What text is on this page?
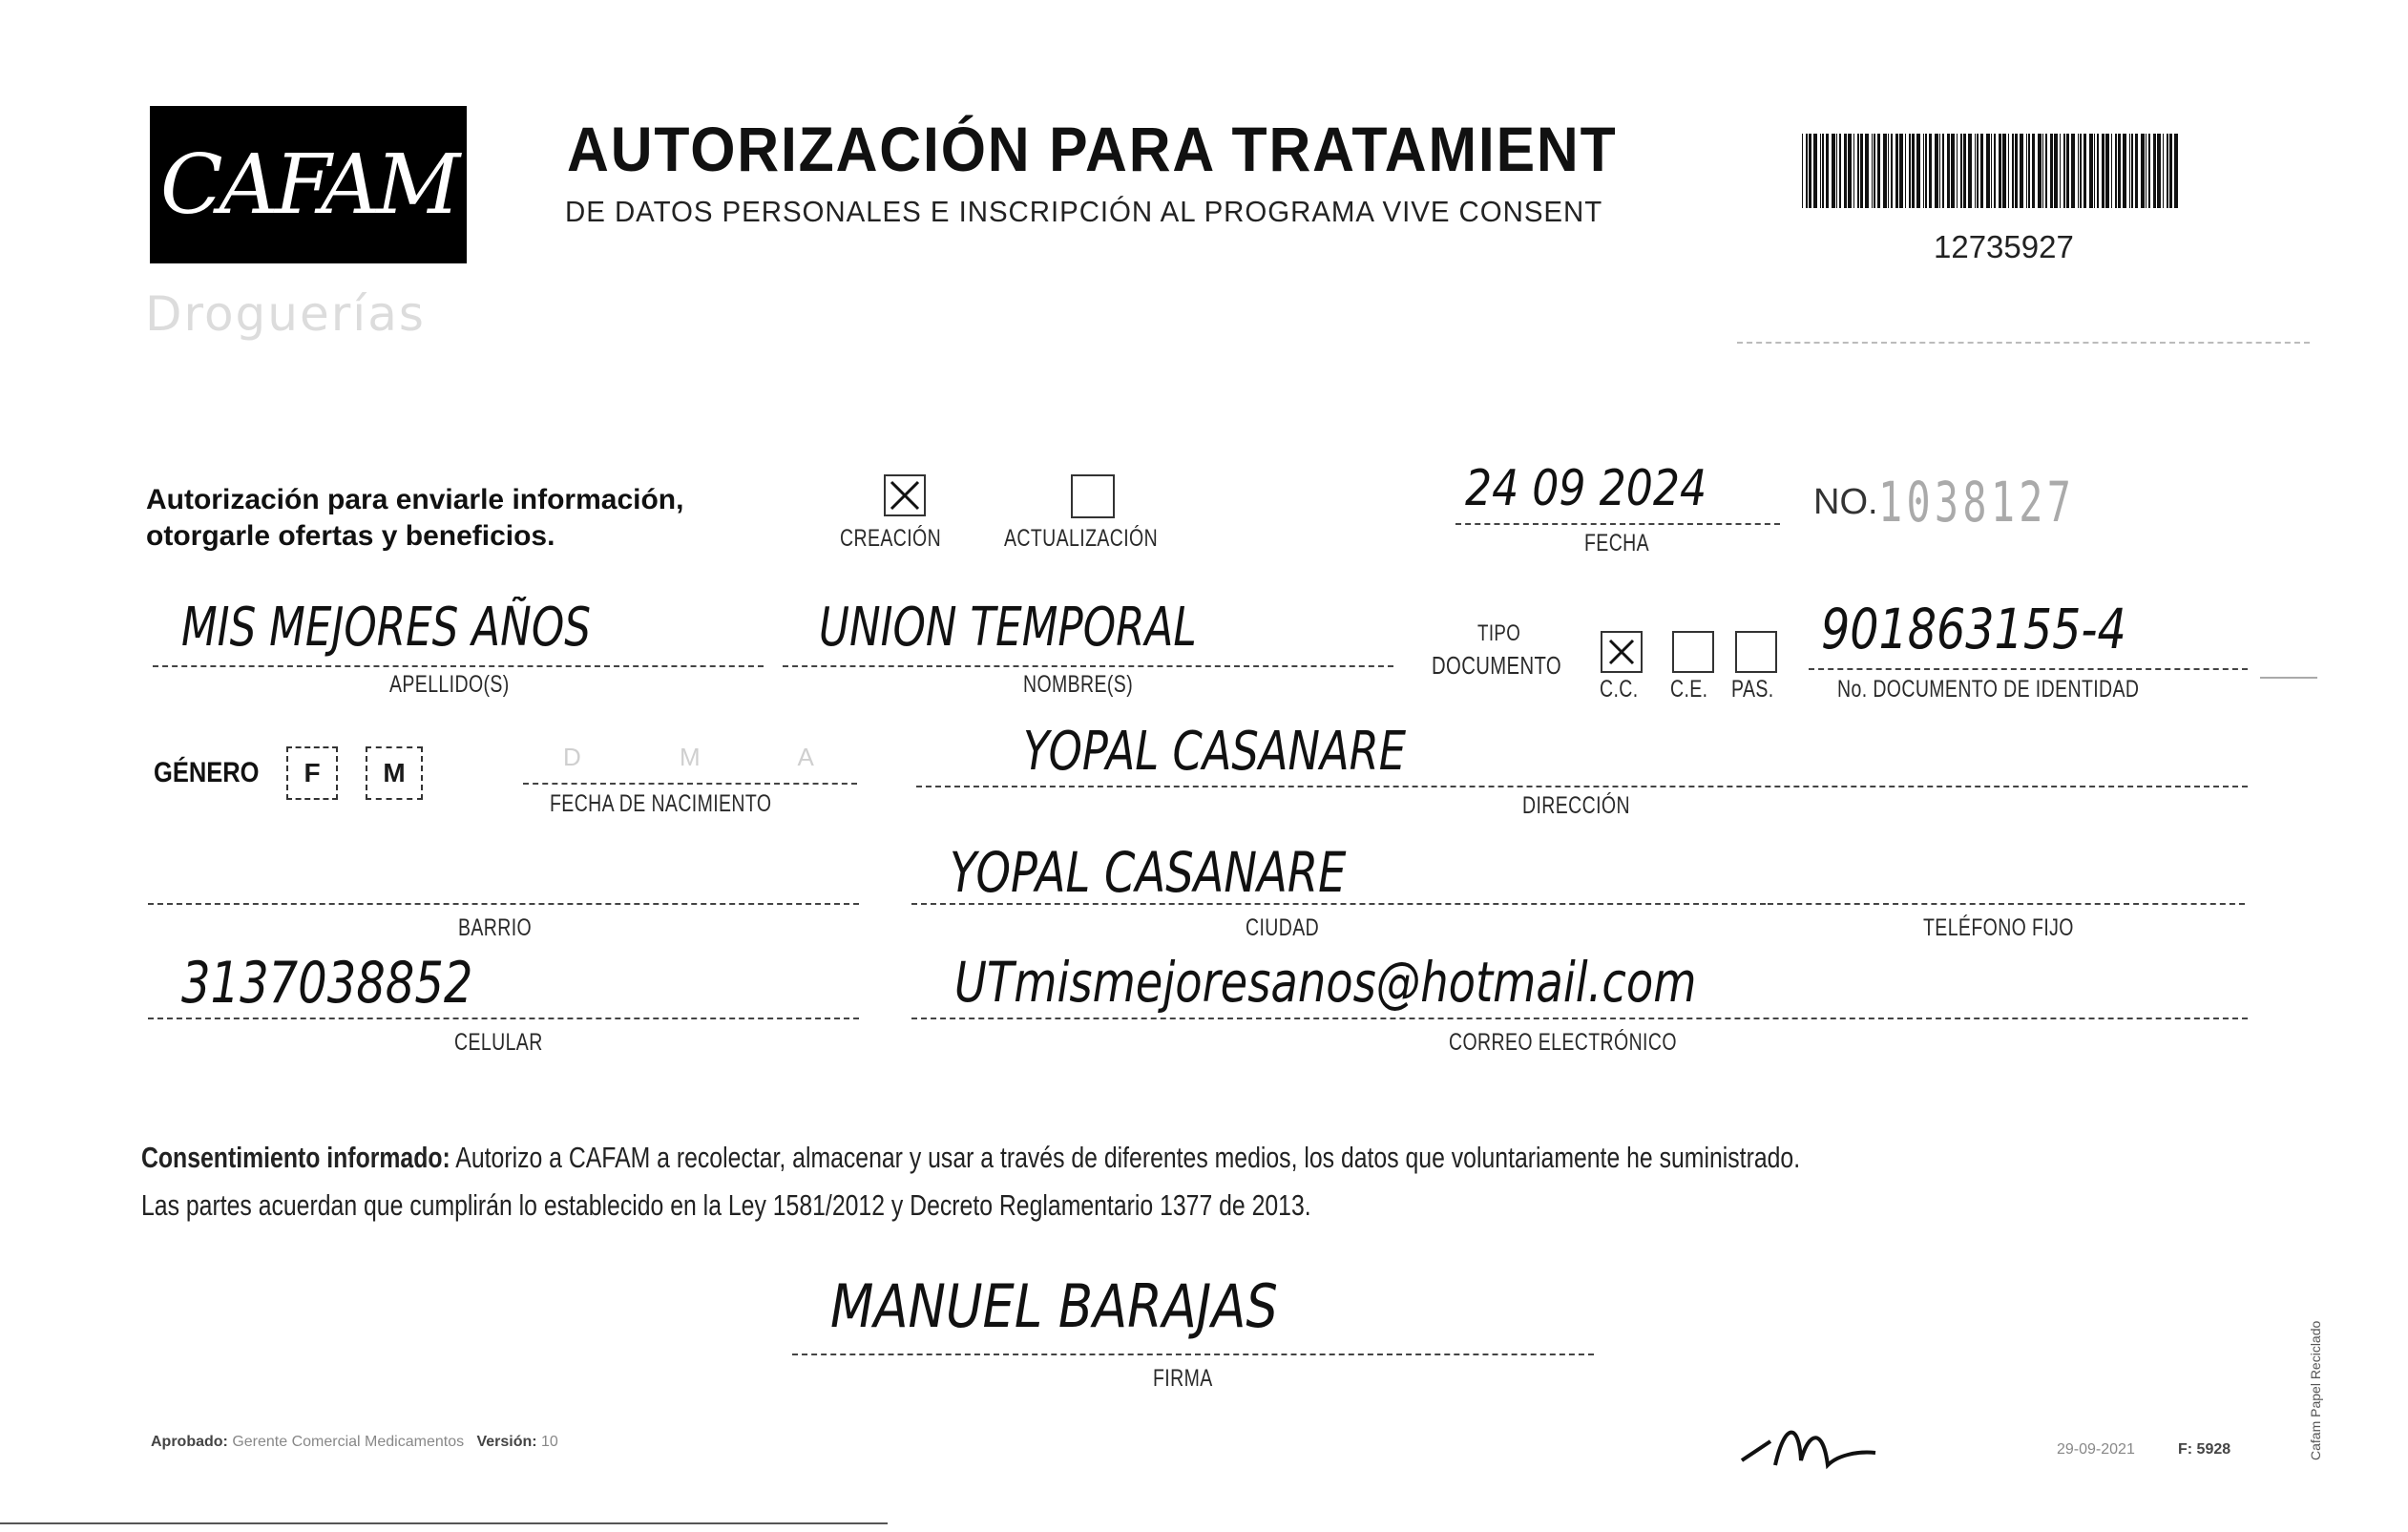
CAFAM
Droguerías
AUTORIZACIÓN PARA TRATAMIENT
DE DATOS PERSONALES E INSCRIPCIÓN AL PROGRAMA VIVE CONSENT
12735927
Autorización para enviarle información,
otorgarle ofertas y beneficios.	CREACIÓN	ACTUALIZACIÓN
24 09 2024
FECHA
NO. 1038127
MIS MEJORES AÑOS
APELLIDO(S)
UNION TEMPORAL
NOMBRE(S)
TIPO
DOCUMENTO
C.C.	C.E. PAS.
901863155-4
No. DOCUMENTO DE IDENTIDAD
GÉNERO	F M
D M A
FECHA DE NACIMIENTO
YOPAL CASANARE
DIRECCIÓN
BARRIO
YOPAL CASANARE
CIUDAD	TELÉFONO FIJO
3137038852
CELULAR
UTmismejoresanos@hotmail.com
CORREO ELECTRÓNICO
Consentimiento informado: Autorizo a CAFAM a recolectar, almacenar y usar a través de diferentes medios, los datos que voluntariamente he suministrado.
Las partes acuerdan que cumplirán lo establecido en la Ley 1581/2012 y Decreto Reglamentario 1377 de 2013.
MANUEL BARAJAS
FIRMA
Aprobado: Gerente Comercial Medicamentos Versión: 10	29-09-2021	F: 5928	Cafam Papel Reciclado
